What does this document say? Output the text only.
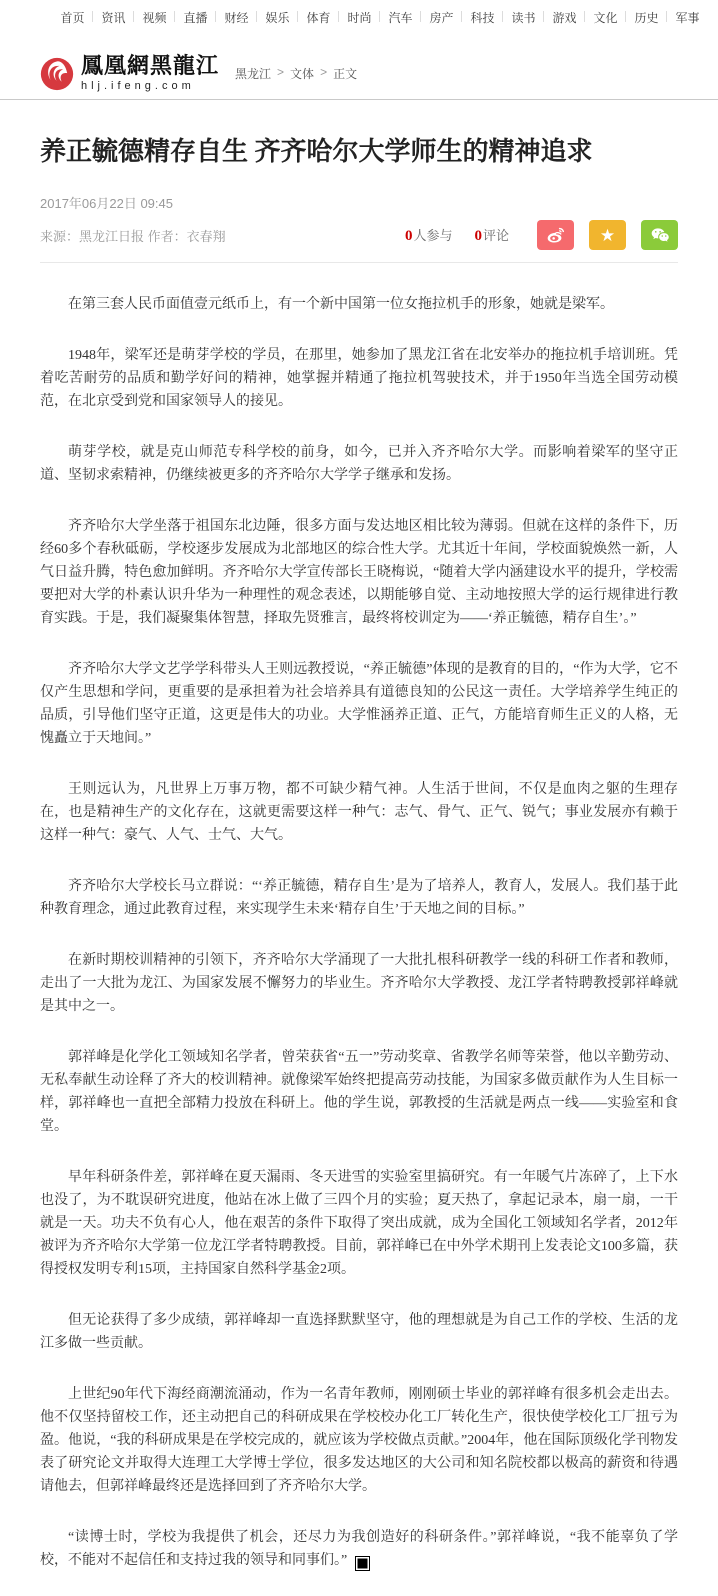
首页	资讯	视频	直播	财经	娱乐	体育	时尚	汽车	房产	科技	读书	游戏	文化	历史	军事
鳳凰網黑龍江
hlj.ifeng.com
黑龙江 > 文体 > 正文
养正毓德精存自生 齐齐哈尔大学师生的精神追求
2017年06月22日 09:45
来源：黑龙江日报 作者：衣春翔	0人参与 0评论	★

在第三套人民币面值壹元纸币上，有一个新中国第一位女拖拉机手的形象，她就是梁军。

1948年，梁军还是萌芽学校的学员，在那里，她参加了黑龙江省在北安举办的拖拉机手培训班。凭着吃苦耐劳的品质和勤学好问的精神，她掌握并精通了拖拉机驾驶技术，并于1950年当选全国劳动模范，在北京受到党和国家领导人的接见。

萌芽学校，就是克山师范专科学校的前身，如今，已并入齐齐哈尔大学。而影响着梁军的坚守正道、坚韧求索精神，仍继续被更多的齐齐哈尔大学学子继承和发扬。

齐齐哈尔大学坐落于祖国东北边陲，很多方面与发达地区相比较为薄弱。但就在这样的条件下，历经60多个春秋砥砺，学校逐步发展成为北部地区的综合性大学。尤其近十年间，学校面貌焕然一新，人气日益升腾，特色愈加鲜明。齐齐哈尔大学宣传部长王晓梅说，“随着大学内涵建设水平的提升，学校需要把对大学的朴素认识升华为一种理性的观念表述，以期能够自觉、主动地按照大学的运行规律进行教育实践。于是，我们凝聚集体智慧，择取先贤雅言，最终将校训定为——‘养正毓德，精存自生’。”

齐齐哈尔大学文艺学学科带头人王则远教授说，“养正毓德”体现的是教育的目的，“作为大学，它不仅产生思想和学问，更重要的是承担着为社会培养具有道德良知的公民这一责任。大学培养学生纯正的品质，引导他们坚守正道，这更是伟大的功业。大学惟涵养正道、正气，方能培育师生正义的人格，无愧矗立于天地间。”

王则远认为，凡世界上万事万物，都不可缺少精气神。人生活于世间，不仅是血肉之躯的生理存在，也是精神生产的文化存在，这就更需要这样一种气：志气、骨气、正气、锐气；事业发展亦有赖于这样一种气：豪气、人气、士气、大气。

齐齐哈尔大学校长马立群说：“‘养正毓德，精存自生’是为了培养人，教育人，发展人。我们基于此种教育理念，通过此教育过程，来实现学生未来‘精存自生’于天地之间的目标。”

在新时期校训精神的引领下，齐齐哈尔大学涌现了一大批扎根科研教学一线的科研工作者和教师，走出了一大批为龙江、为国家发展不懈努力的毕业生。齐齐哈尔大学教授、龙江学者特聘教授郭祥峰就是其中之一。

郭祥峰是化学化工领域知名学者，曾荣获省“五一”劳动奖章、省教学名师等荣誉，他以辛勤劳动、无私奉献生动诠释了齐大的校训精神。就像梁军始终把提高劳动技能，为国家多做贡献作为人生目标一样，郭祥峰也一直把全部精力投放在科研上。他的学生说，郭教授的生活就是两点一线——实验室和食堂。

早年科研条件差，郭祥峰在夏天漏雨、冬天进雪的实验室里搞研究。有一年暖气片冻碎了，上下水也没了，为不耽误研究进度，他站在冰上做了三四个月的实验；夏天热了，拿起记录本，扇一扇，一干就是一天。功夫不负有心人，他在艰苦的条件下取得了突出成就，成为全国化工领域知名学者，2012年被评为齐齐哈尔大学第一位龙江学者特聘教授。目前，郭祥峰已在中外学术期刊上发表论文100多篇，获得授权发明专利15项，主持国家自然科学基金2项。

但无论获得了多少成绩，郭祥峰却一直选择默默坚守，他的理想就是为自己工作的学校、生活的龙江多做一些贡献。

上世纪90年代下海经商潮流涌动，作为一名青年教师，刚刚硕士毕业的郭祥峰有很多机会走出去。他不仅坚持留校工作，还主动把自己的科研成果在学校校办化工厂转化生产，很快使学校化工厂扭亏为盈。他说，“我的科研成果是在学校完成的，就应该为学校做点贡献。”2004年，他在国际顶级化学刊物发表了研究论文并取得大连理工大学博士学位，很多发达地区的大公司和知名院校都以极高的薪资和待遇请他去，但郭祥峰最终还是选择回到了齐齐哈尔大学。

“读博士时，学校为我提供了机会，还尽力为我创造好的科研条件。”郭祥峰说，“我不能辜负了学校，不能对不起信任和支持过我的领导和同事们。”	✕
